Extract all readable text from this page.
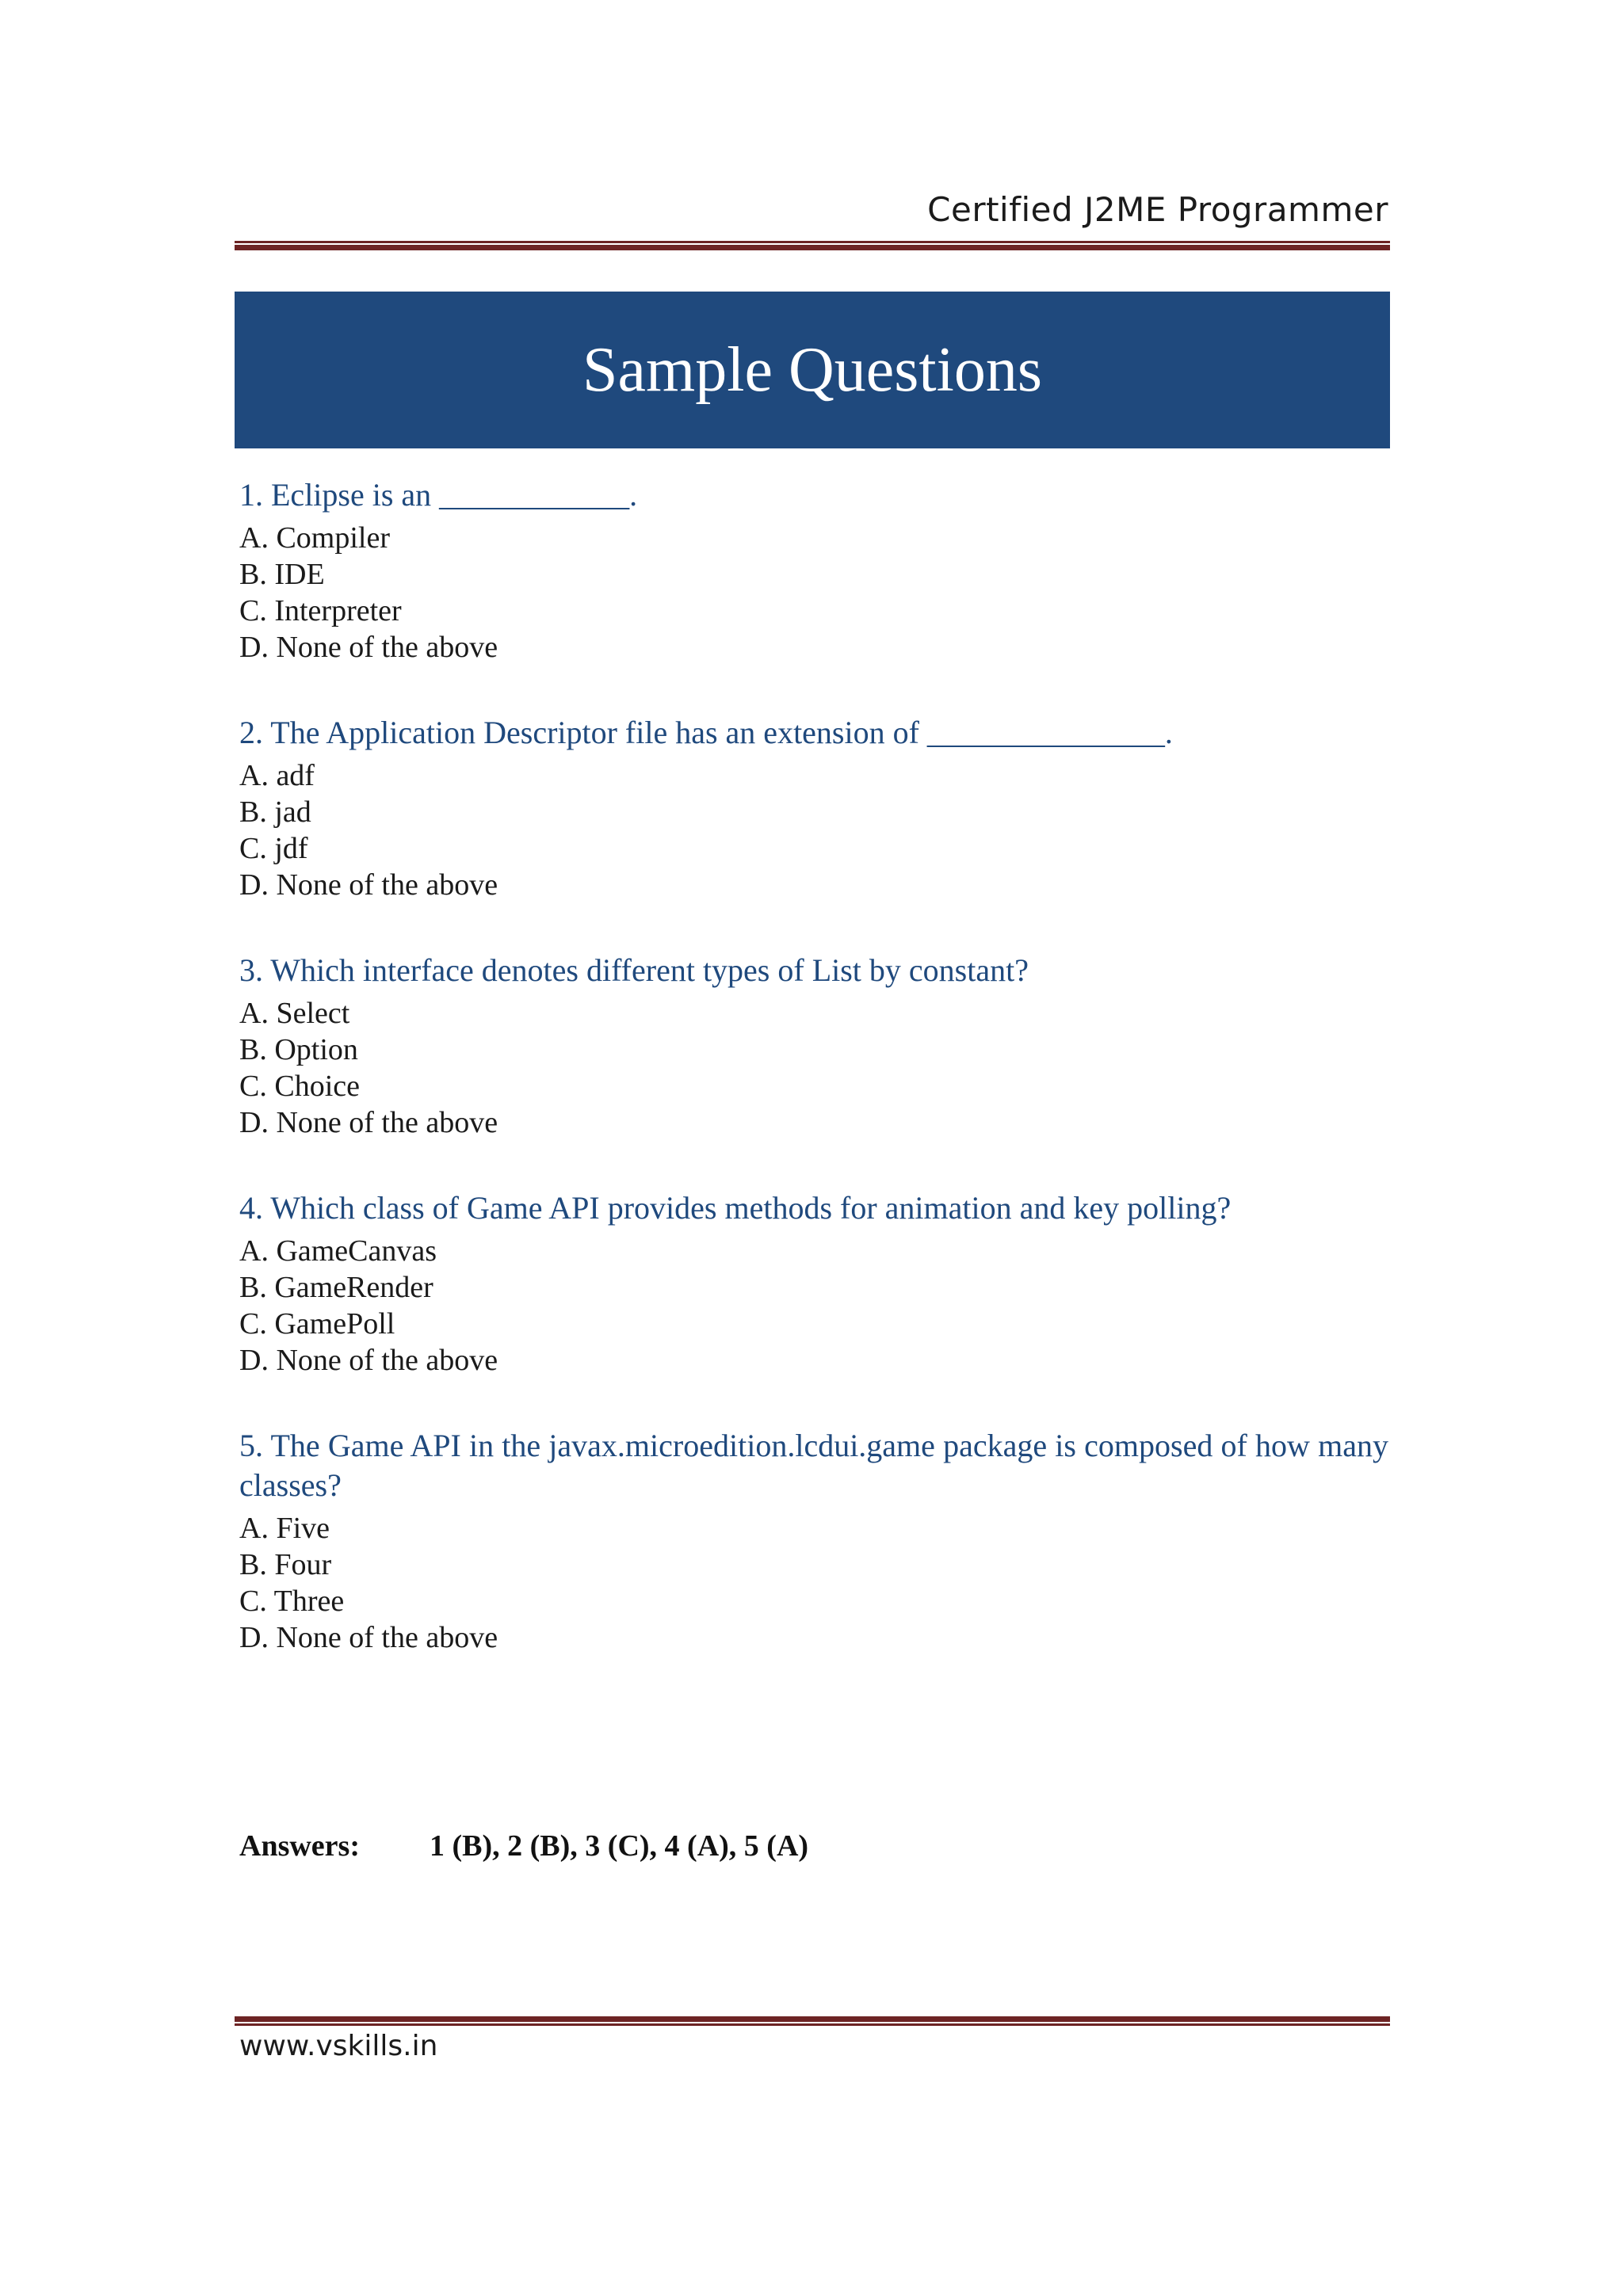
Certified J2ME Programmer
Sample Questions
1. Eclipse is an ____________.
A. Compiler
B. IDE
C. Interpreter
D. None of the above
2. The Application Descriptor file has an extension of _______________.
A. adf
B. jad
C. jdf
D. None of the above
3. Which interface denotes different types of List by constant?
A. Select
B. Option
C. Choice
D. None of the above
4. Which class of Game API provides methods for animation and key polling?
A. GameCanvas
B. GameRender
C. GamePoll
D. None of the above
5. The Game API in the javax.microedition.lcdui.game package is composed of how many classes?
A. Five
B. Four
C. Three
D. None of the above
Answers:	1 (B), 2 (B), 3 (C), 4 (A), 5 (A)
www.vskills.in
